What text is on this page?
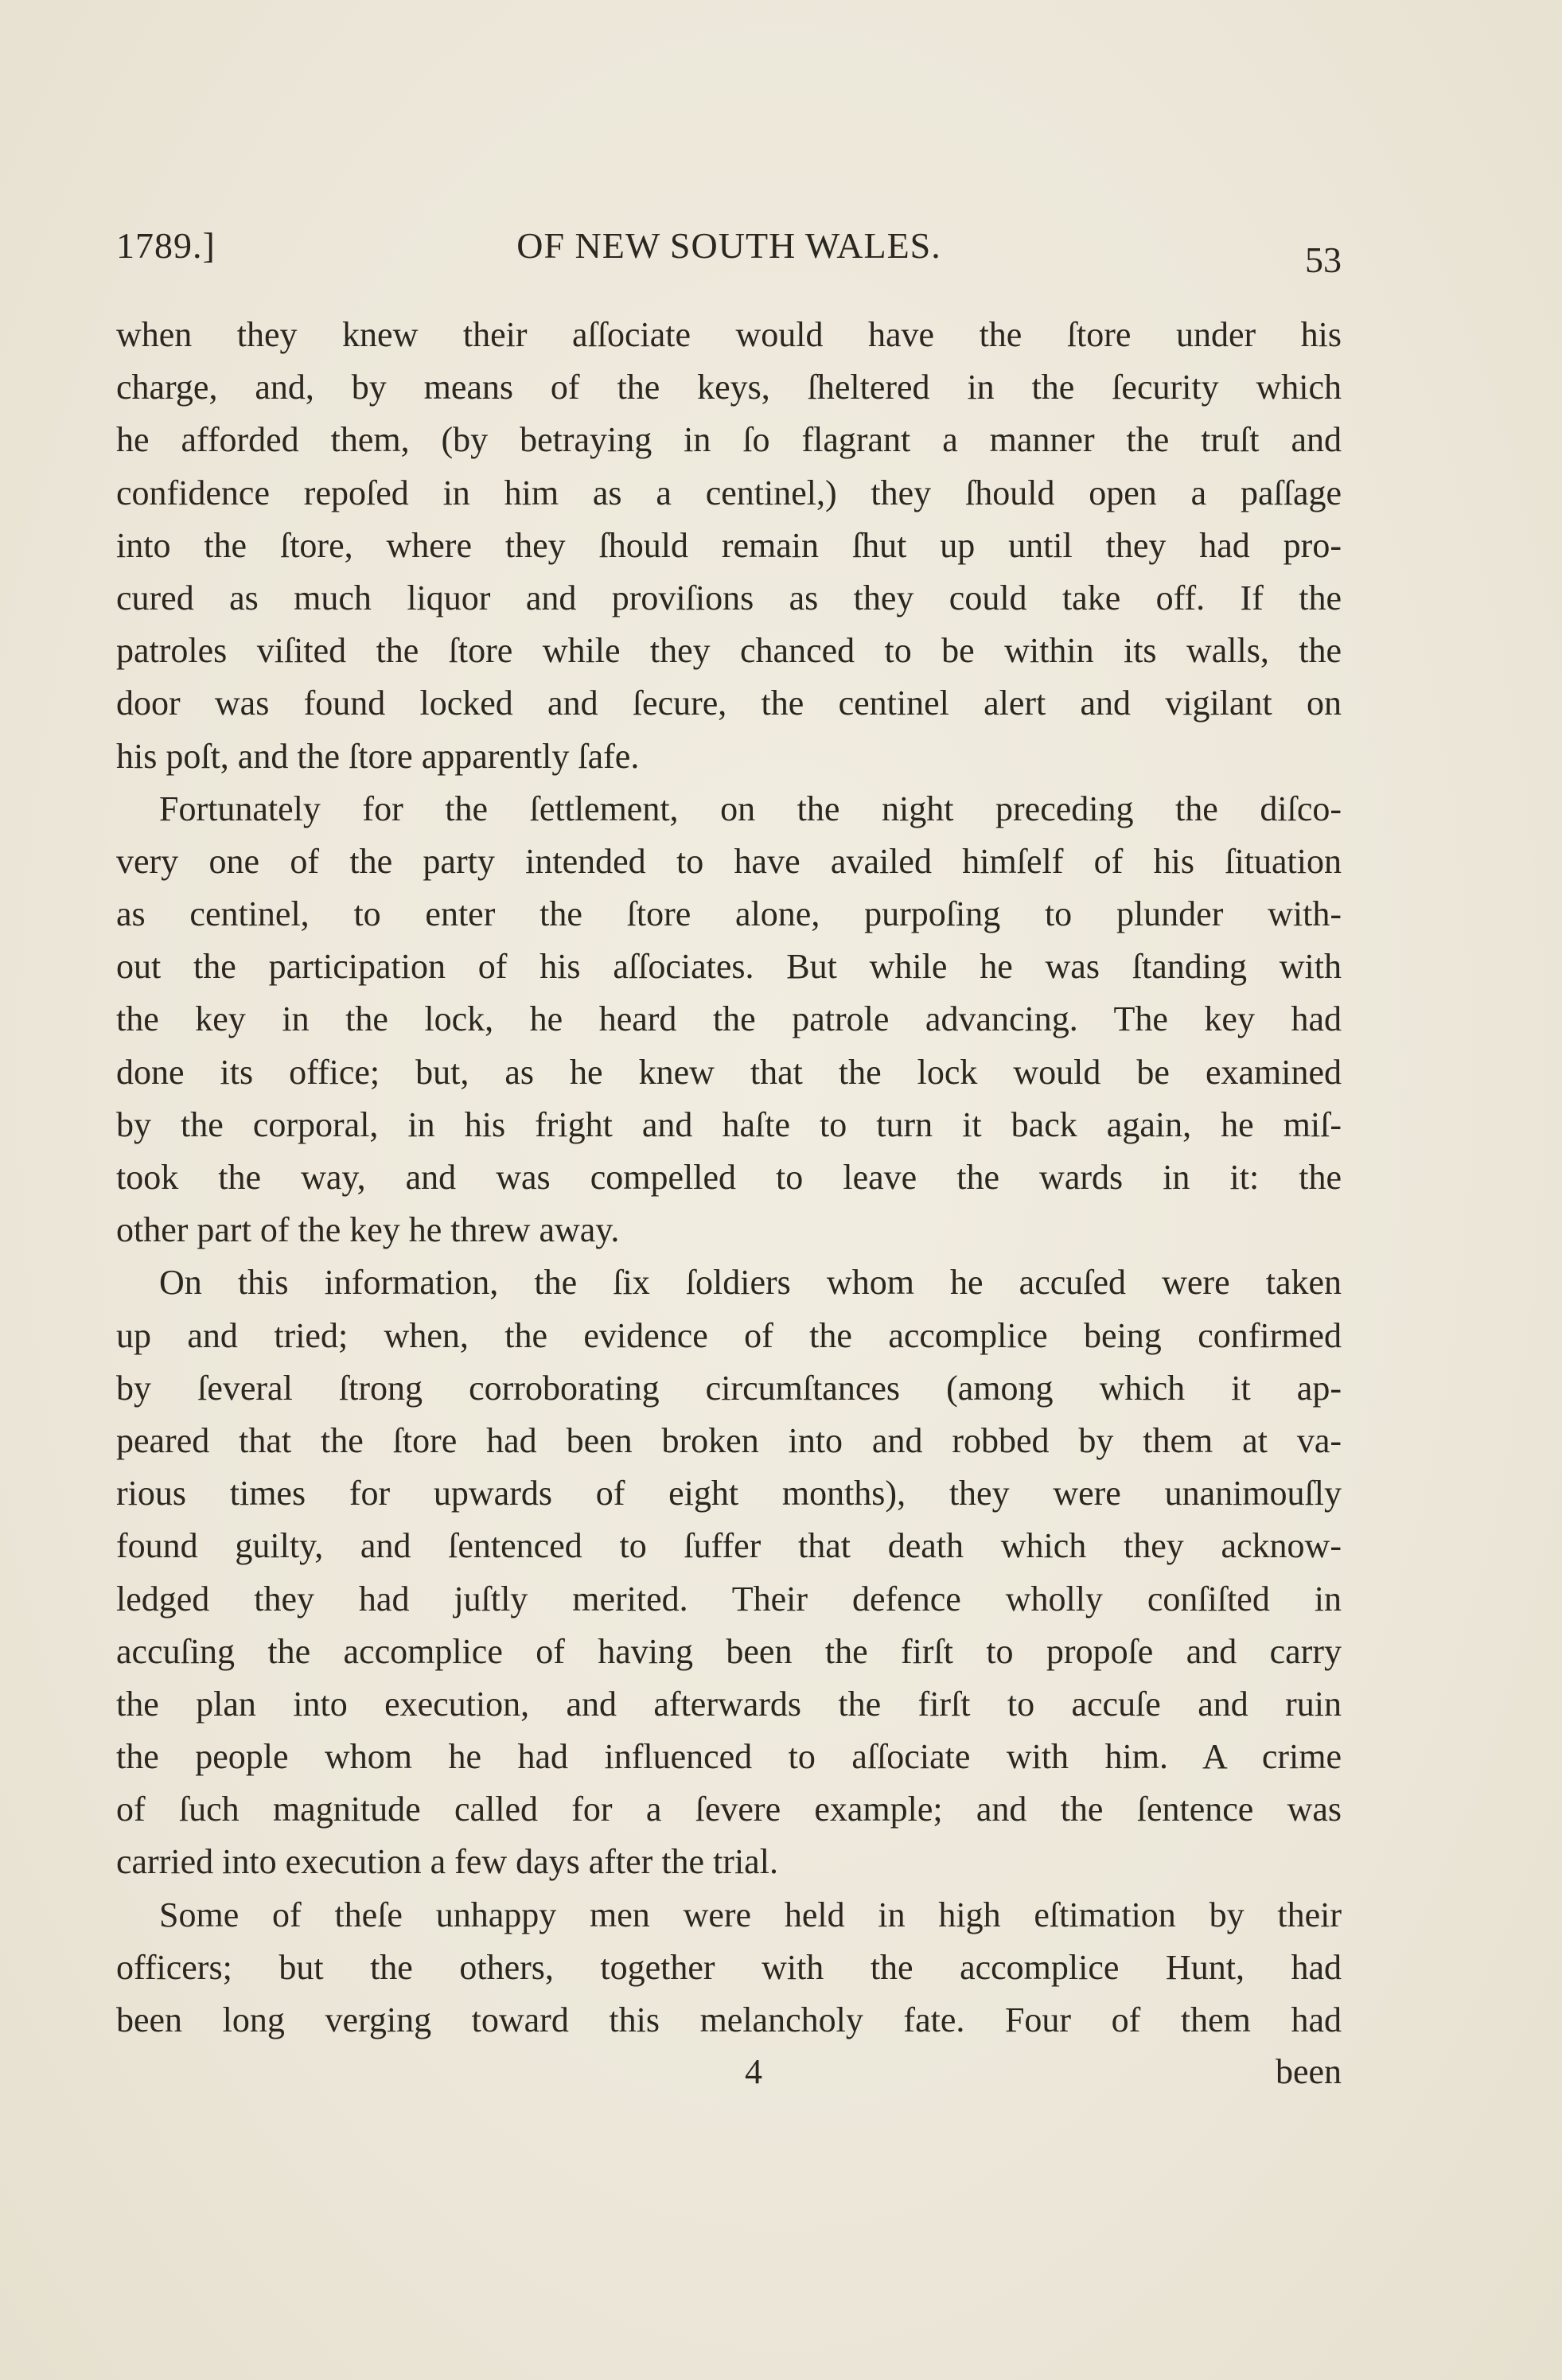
1789.]	OF NEW SOUTH WALES.	53
when they knew their aſſociate would have the ſtore under his
charge, and, by means of the keys, ſheltered in the ſecurity which
he afforded them, (by betraying in ſo flagrant a manner the truſt and
confidence repoſed in him as a centinel,) they ſhould open a paſſage
into the ſtore, where they ſhould remain ſhut up until they had pro-
cured as much liquor and proviſions as they could take off. If the
patroles viſited the ſtore while they chanced to be within its walls, the
door was found locked and ſecure, the centinel alert and vigilant on
his poſt, and the ſtore apparently ſafe.
Fortunately for the ſettlement, on the night preceding the diſco-
very one of the party intended to have availed himſelf of his ſituation
as centinel, to enter the ſtore alone, purpoſing to plunder with-
out the participation of his aſſociates. But while he was ſtanding with
the key in the lock, he heard the patrole advancing. The key had
done its office; but, as he knew that the lock would be examined
by the corporal, in his fright and haſte to turn it back again, he miſ-
took the way, and was compelled to leave the wards in it: the
other part of the key he threw away.
On this information, the ſix ſoldiers whom he accuſed were taken
up and tried; when, the evidence of the accomplice being confirmed
by ſeveral ſtrong corroborating circumſtances (among which it ap-
peared that the ſtore had been broken into and robbed by them at va-
rious times for upwards of eight months), they were unanimouſly
found guilty, and ſentenced to ſuffer that death which they acknow-
ledged they had juſtly merited. Their defence wholly conſiſted in
accuſing the accomplice of having been the firſt to propoſe and carry
the plan into execution, and afterwards the firſt to accuſe and ruin
the people whom he had influenced to aſſociate with him. A crime
of ſuch magnitude called for a ſevere example; and the ſentence was
carried into execution a few days after the trial.
Some of theſe unhappy men were held in high eſtimation by their
officers; but the others, together with the accomplice Hunt, had
been long verging toward this melancholy fate. Four of them had
4	been
